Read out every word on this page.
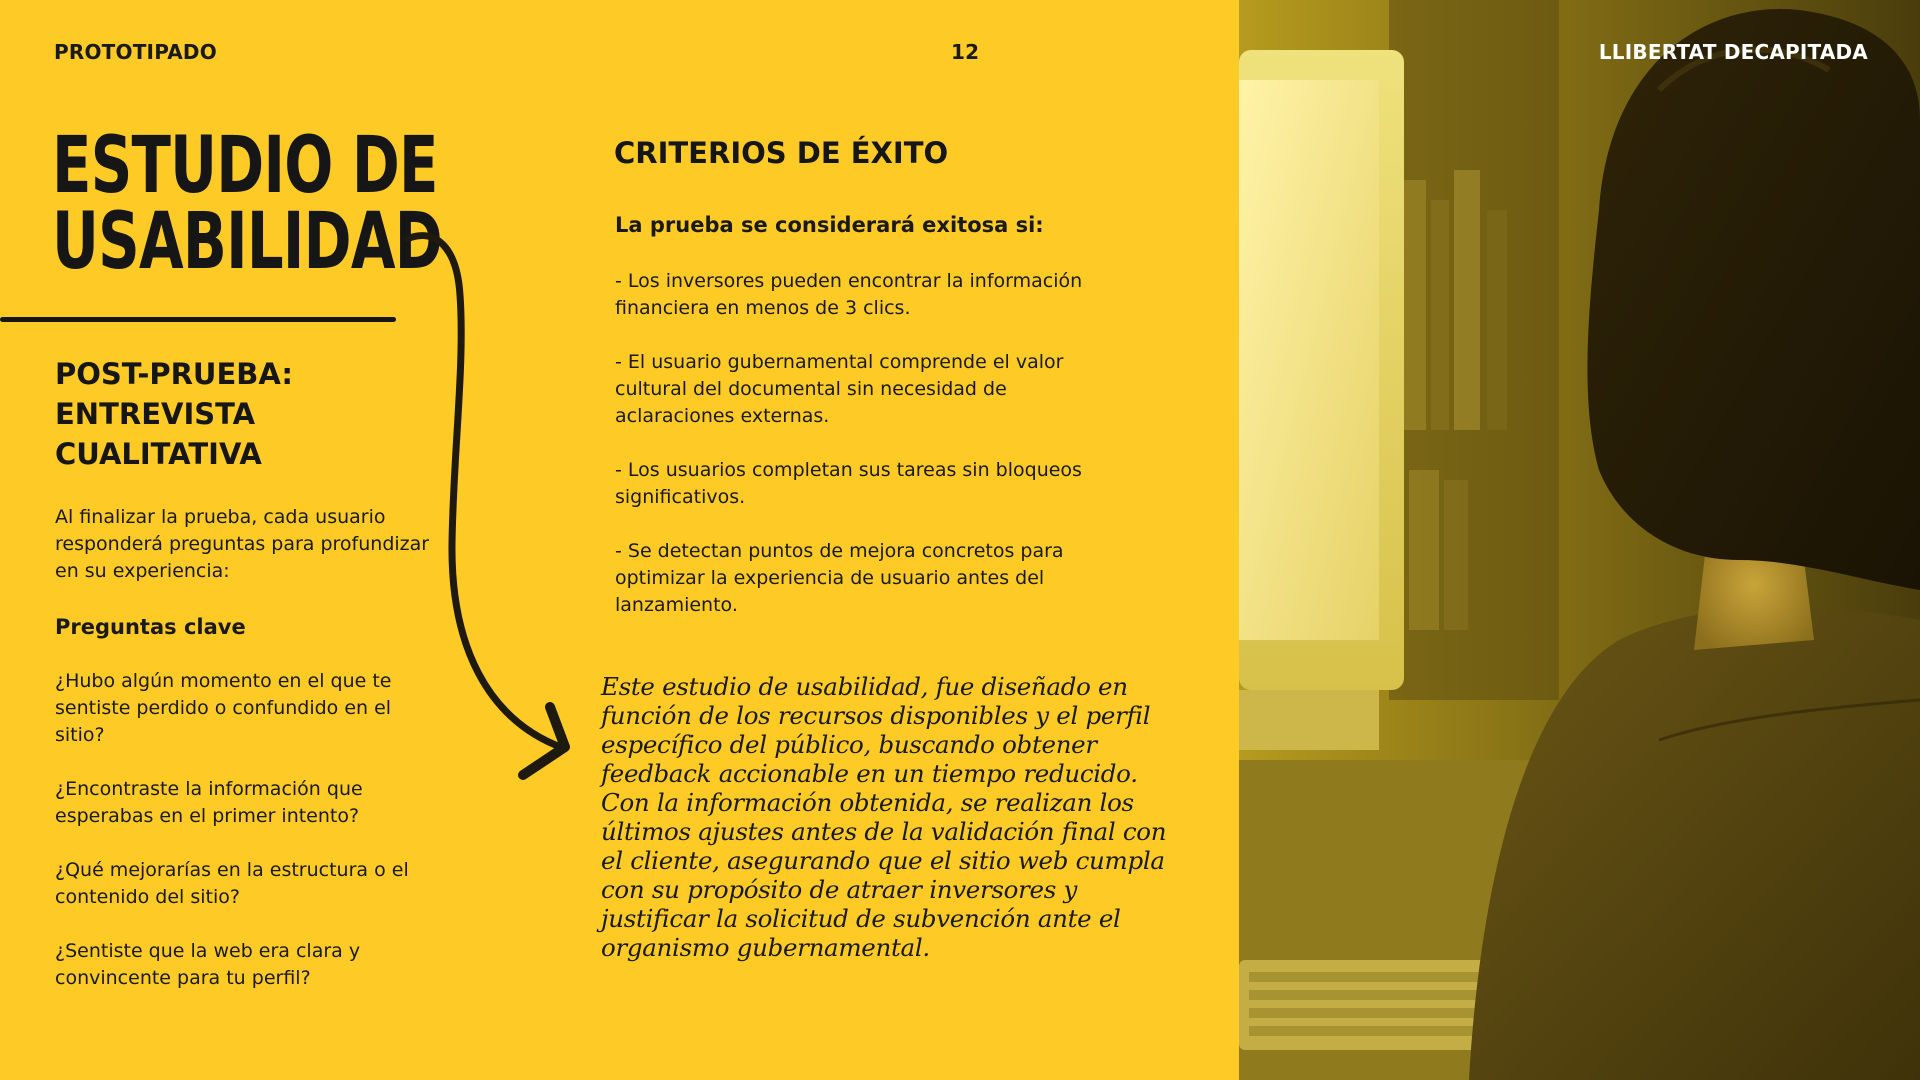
PROTOTIPADO	12	LLIBERTAT DECAPITADA
ESTUDIO DE
USABILIDAD
POST-PRUEBA:
ENTREVISTA
CUALITATIVA

Al finalizar la prueba, cada usuario responderá preguntas para profundizar en su experiencia:

Preguntas clave
¿Hubo algún momento en el que te sentiste perdido o confundido en el sitio?
¿Encontraste la información que esperabas en el primer intento?
¿Qué mejorarías en la estructura o el contenido del sitio?
¿Sentiste que la web era clara y convincente para tu perfil?
CRITERIOS DE ÉXITO
La prueba se considerará exitosa si:
- Los inversores pueden encontrar la información financiera en menos de 3 clics.
- El usuario gubernamental comprende el valor cultural del documental sin necesidad de aclaraciones externas.
- Los usuarios completan sus tareas sin bloqueos significativos.
- Se detectan puntos de mejora concretos para optimizar la experiencia de usuario antes del lanzamiento.

Este estudio de usabilidad, fue diseñado en función de los recursos disponibles y el perfil específico del público, buscando obtener feedback accionable en un tiempo reducido. Con la información obtenida, se realizan los últimos ajustes antes de la validación final con el cliente, asegurando que el sitio web cumpla con su propósito de atraer inversores y justificar la solicitud de subvención ante el organismo gubernamental.
